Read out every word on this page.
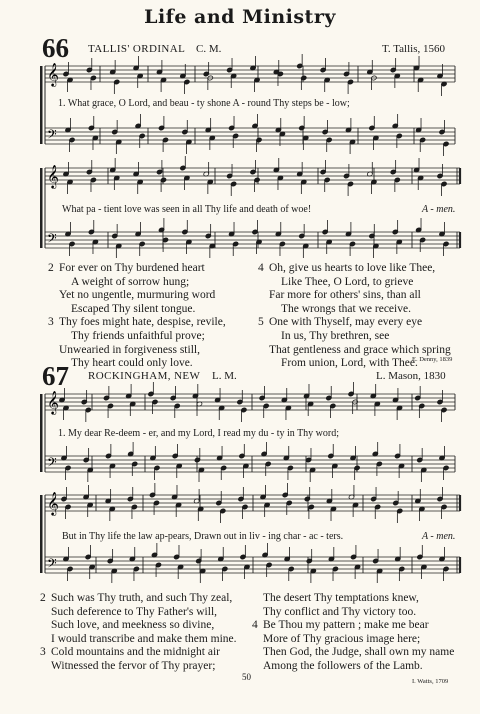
Life and Ministry
66 TALLIS' ORDINAL C. M.	T. Tallis, 1560
𝄞
𝄢
𝄞
𝄢
𝄞
𝄢
𝄞
𝄢
1. What grace, O Lord, and beau - ty shone A - round Thy steps be - low;
What pa - tient love was seen in all Thy life and death of woe!	A - men.
2 For ever on Thy burdened heart
A weight of sorrow hung;
Yet no ungentle, murmuring word
Escaped Thy silent tongue.
3 Thy foes might hate, despise, revile,
Thy friends unfaithful prove;
Unwearied in forgiveness still,
Thy heart could only love.
4 Oh, give us hearts to love like Thee,
Like Thee, O Lord, to grieve
Far more for others' sins, than all
The wrongs that we receive.
5 One with Thyself, may every eye
In us, Thy brethren, see
That gentleness and grace which spring
From union, Lord, with Thee.
E. Denny, 1839
67 ROCKINGHAM, NEW L. M.	L. Mason, 1830
1. My dear Re-deem - er, and my Lord, I read my du - ty in Thy word;
But in Thy life the law ap-pears, Drawn out in liv - ing char - ac - ters.	A - men.
2 Such was Thy truth, and such Thy zeal,
Such deference to Thy Father's will,
Such love, and meekness so divine,
I would transcribe and make them mine.
3 Cold mountains and the midnight air
Witnessed the fervor of Thy prayer;
The desert Thy temptations knew,
Thy conflict and Thy victory too.
4 Be Thou my pattern ; make me bear
More of Thy gracious image here;
Then God, the Judge, shall own my name
Among the followers of the Lamb.
I. Watts, 1709
50
